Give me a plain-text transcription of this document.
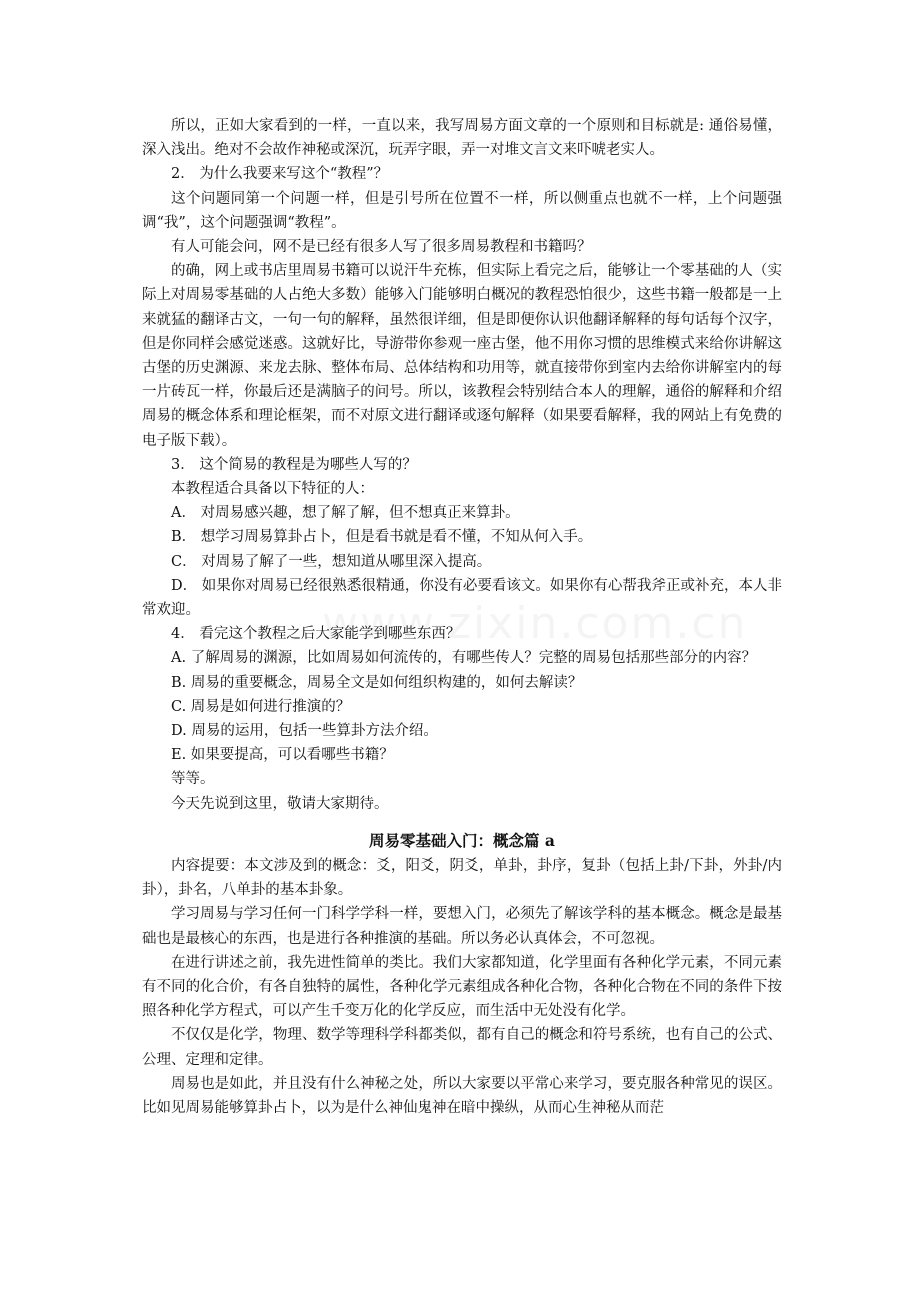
所以，正如大家看到的一样，一直以来，我写周易方面文章的一个原则和目标就是: 通俗易懂，深入浅出。绝对不会故作神秘或深沉，玩弄字眼，弄一对堆文言文来吓唬老实人。

2． 为什么我要来写这个“教程”？

这个问题同第一个问题一样，但是引号所在位置不一样，所以侧重点也就不一样，上个问题强调“我”，这个问题强调“教程”。

有人可能会问，网不是已经有很多人写了很多周易教程和书籍吗？

的确，网上或书店里周易书籍可以说汗牛充栋，但实际上看完之后，能够让一个零基础的人（实际上对周易零基础的人占绝大多数）能够入门能够明白概况的教程恐怕很少，这些书籍一般都是一上来就猛的翻译古文，一句一句的解释，虽然很详细，但是即便你认识他翻译解释的每句话每个汉字，但是你同样会感觉迷惑。这就好比，导游带你参观一座古堡，他不用你习惯的思维模式来给你讲解这古堡的历史渊源、来龙去脉、整体布局、总体结构和功用等，就直接带你到室内去给你讲解室内的每一片砖瓦一样，你最后还是满脑子的问号。所以，该教程会特别结合本人的理解，通俗的解释和介绍周易的概念体系和理论框架，而不对原文进行翻译或逐句解释（如果要看解释，我的网站上有免费的电子版下载）。

3． 这个简易的教程是为哪些人写的？

本教程适合具备以下特征的人：

A． 对周易感兴趣，想了解了解，但不想真正来算卦。

B． 想学习周易算卦占卜，但是看书就是看不懂，不知从何入手。

C． 对周易了解了一些，想知道从哪里深入提高。

D． 如果你对周易已经很熟悉很精通，你没有必要看该文。如果你有心帮我斧正或补充，本人非常欢迎。

4． 看完这个教程之后大家能学到哪些东西？

A. 了解周易的渊源，比如周易如何流传的，有哪些传人？完整的周易包括那些部分的内容？

B. 周易的重要概念，周易全文是如何组织构建的，如何去解读？

C. 周易是如何进行推演的？

D. 周易的运用，包括一些算卦方法介绍。

E. 如果要提高，可以看哪些书籍？

等等。

今天先说到这里，敬请大家期待。

周易零基础入门：概念篇 a

内容提要：本文涉及到的概念：爻，阳爻，阴爻，单卦，卦序，复卦（包括上卦/下卦，外卦/内卦），卦名，八单卦的基本卦象。

学习周易与学习任何一门科学学科一样，要想入门，必须先了解该学科的基本概念。概念是最基础也是最核心的东西，也是进行各种推演的基础。所以务必认真体会，不可忽视。

在进行讲述之前，我先进性简单的类比。我们大家都知道，化学里面有各种化学元素，不同元素有不同的化合价，有各自独特的属性，各种化学元素组成各种化合物，各种化合物在不同的条件下按照各种化学方程式，可以产生千变万化的化学反应，而生活中无处没有化学。

不仅仅是化学，物理、数学等理科学科都类似，都有自己的概念和符号系统，也有自己的公式、公理、定理和定律。

周易也是如此，并且没有什么神秘之处，所以大家要以平常心来学习，要克服各种常见的误区。比如见周易能够算卦占卜，以为是什么神仙鬼神在暗中操纵，从而心生神秘从而茫
